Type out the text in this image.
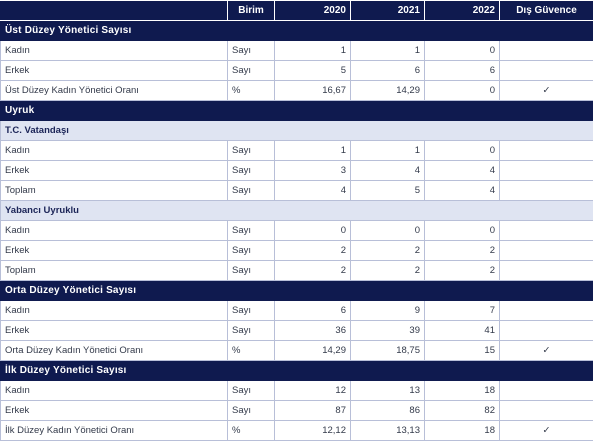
	Birim	2020	2021	2022	Dış Güvence
Üst Düzey Yönetici Sayısı					
Kadın	Sayı	1	1	0	
Erkek	Sayı	5	6	6	
Üst Düzey Kadın Yönetici Oranı	%	16,67	14,29	0	✓
Uyruk					
T.C. Vatandaşı					
Kadın	Sayı	1	1	0	
Erkek	Sayı	3	4	4	
Toplam	Sayı	4	5	4	
Yabancı Uyruklu					
Kadın	Sayı	0	0	0	
Erkek	Sayı	2	2	2	
Toplam	Sayı	2	2	2	
Orta Düzey Yönetici Sayısı					
Kadın	Sayı	6	9	7	
Erkek	Sayı	36	39	41	
Orta Düzey Kadın Yönetici Oranı	%	14,29	18,75	15	✓
İlk Düzey Yönetici Sayısı					
Kadın	Sayı	12	13	18	
Erkek	Sayı	87	86	82	
İlk Düzey Kadın Yönetici Oranı	%	12,12	13,13	18	✓
